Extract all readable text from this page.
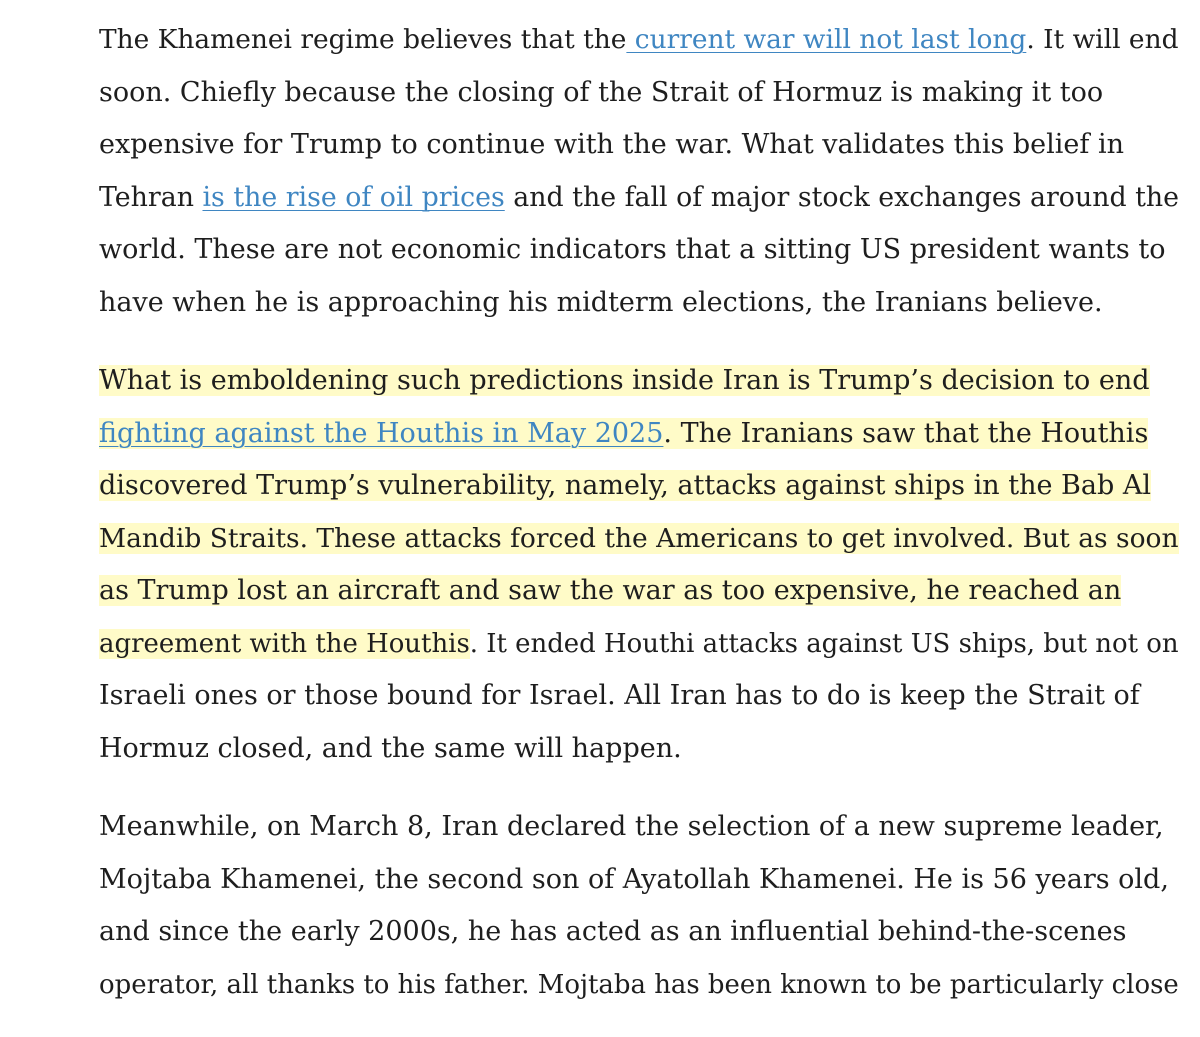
The Khamenei regime believes that the current war will not last long. It will end
soon. Chiefly because the closing of the Strait of Hormuz is making it too
expensive for Trump to continue with the war. What validates this belief in
Tehran is the rise of oil prices and the fall of major stock exchanges around the
world. These are not economic indicators that a sitting US president wants to
have when he is approaching his midterm elections, the Iranians believe.

What is emboldening such predictions inside Iran is Trump’s decision to end
fighting against the Houthis in May 2025. The Iranians saw that the Houthis
discovered Trump’s vulnerability, namely, attacks against ships in the Bab Al
Mandib Straits. These attacks forced the Americans to get involved. But as soon
as Trump lost an aircraft and saw the war as too expensive, he reached an
agreement with the Houthis. It ended Houthi attacks against US ships, but not on
Israeli ones or those bound for Israel. All Iran has to do is keep the Strait of
Hormuz closed, and the same will happen.

Meanwhile, on March 8, Iran declared the selection of a new supreme leader,
Mojtaba Khamenei, the second son of Ayatollah Khamenei. He is 56 years old,
and since the early 2000s, he has acted as an influential behind-the-scenes
operator, all thanks to his father. Mojtaba has been known to be particularly close
